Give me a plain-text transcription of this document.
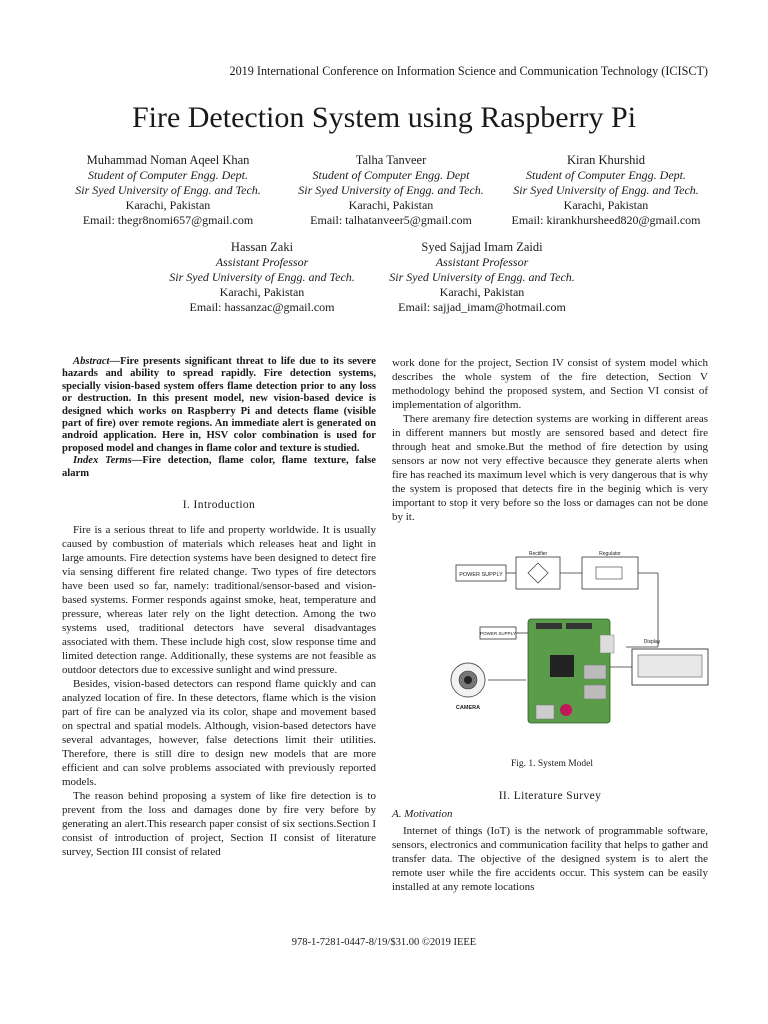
2019 International Conference on Information Science and Communication Technology (ICISCT)
Fire Detection System using Raspberry Pi
Muhammad Noman Aqeel Khan
Student of Computer Engg. Dept.
Sir Syed University of Engg. and Tech.
Karachi, Pakistan
Email: thegr8nomi657@gmail.com
Talha Tanveer
Student of Computer Engg. Dept
Sir Syed University of Engg. and Tech.
Karachi, Pakistan
Email: talhatanveer5@gmail.com
Kiran Khurshid
Student of Computer Engg. Dept.
Sir Syed University of Engg. and Tech.
Karachi, Pakistan
Email: kirankhursheed820@gmail.com
Hassan Zaki
Assistant Professor
Sir Syed University of Engg. and Tech.
Karachi, Pakistan
Email: hassanzac@gmail.com
Syed Sajjad Imam Zaidi
Assistant Professor
Sir Syed University of Engg. and Tech.
Karachi, Pakistan
Email: sajjad_imam@hotmail.com

Abstract—Fire presents significant threat to life due to its severe hazards and ability to spread rapidly. Fire detection systems, specially vision-based system offers flame detection prior to any loss or destruction. In this present model, new vision-based device is designed which works on Raspberry Pi and detects flame (visible part of fire) over remote regions. An immediate alert is generated on android application. Here in, HSV color combination is used for proposed model and changes in flame color and texture is studied.

Index Terms—Fire detection, flame color, flame texture, false alarm

I. Introduction

Fire is a serious threat to life and property worldwide. It is usually caused by combustion of materials which releases heat and light in large amounts. Fire detection systems have been designed to detect fire via sensing different fire related change. Two types of fire detectors have been used so far, namely: traditional/sensor-based and vision-based systems. Former responds against smoke, heat, temperature and pressure, whereas later rely on the light detection. Among the two systems used, traditional detectors have several disadvantages associated with them. These include high cost, slow response time and limited detection range. Additionally, these systems are not feasible as outdoor detectors due to excessive sunlight and wind pressure.

Besides, vision-based detectors can respond flame quickly and can analyzed location of fire. In these detectors, flame which is the vision part of fire can be analyzed via its color, shape and movement based on spectral and spatial models. Although, vision-based detectors have several advantages, however, false detections limit their utilities. Therefore, there is still dire to design new models that are more efficient and can solve problems associated with previously reported models.

The reason behind proposing a system of like fire detection is to prevent from the loss and damages done by fire very before by generating an alert.This research paper consist of six sections.Section I consist of introduction of project, Section II consist of literature survey, Section III consist of related

work done for the project, Section IV consist of system model which describes the whole system of the fire detection, Section V methodology behind the proposed system, and Section VI consist of implementation of algorithm.

There aremany fire detection systems are working in different areas in different manners but mostly are sensored based and detect fire through heat and smoke.But the method of fire detection by using sensors ar now not very effective becausce they generate alerts when fire has reached its maximum level which is very dangerous that is why the system is proposed that detects fire in the beginig which is very important to stop it very before so the loss or damages can not be done by it.

POWER SUPPLY
Rectifier	Regulator
POWER SUPPLY
Display
CAMERA
Fig. 1. System Model
II. Literature Survey
A. Motivation

Internet of things (IoT) is the network of programmable software, sensors, electronics and communication facility that helps to gather and transfer data. The objective of the designed system is to alert the remote user while the fire accidents occur. This system can be easily installed at any remote locations

978-1-7281-0447-8/19/$31.00 ©2019 IEEE
